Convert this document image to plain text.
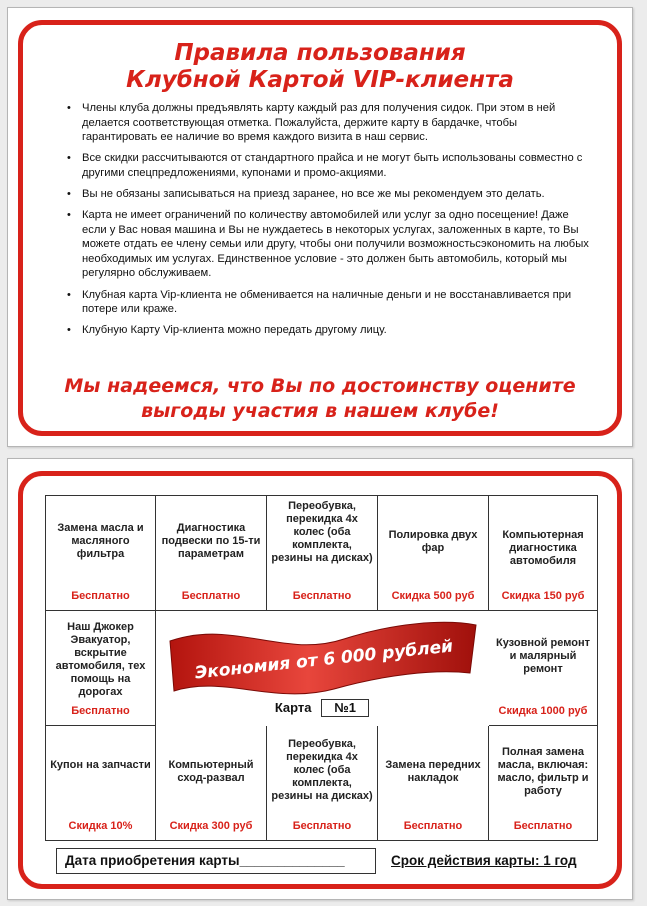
Правила пользования
Клубной Картой VIP-клиента
• Члены клуба должны предъявлять карту каждый раз для получения сидок. При этом в ней делается соответствующая отметка. Пожалуйста, держите карту в бардачке, чтобы гарантировать ее наличие во время каждого визита в наш сервис.
• Все скидки рассчитываются от стандартного прайса и не могут быть использованы совместно с другими спецпредложениями, купонами и промо-акциями.
• Вы не обязаны записываться на приезд заранее, но все же мы рекомендуем это делать.
• Карта не имеет ограничений по количеству автомобилей или услуг за одно посещение! Даже если у Вас новая машина и Вы не нуждаетесь в некоторых услугах, заложенных в карте, то Вы можете отдать ее члену семьи или другу, чтобы они получили возможностьсэкономить на любых необходимых им услугах. Единственное условие - это должен быть автомобиль, который мы регулярно обслуживаем.
• Клубная карта Vip-клиента не обменивается на наличные деньги и не восстанавливается при потере или краже.
• Клубную Карту Vip-клиента можно передать другому лицу.
Мы надеемся, что Вы по достоинству оцените
выгоды участия в нашем клубе!
Замена масла и масляного фильтра
Бесплатно
Диагностика подвески по 15-ти параметрам
Бесплатно
Переобувка, перекидка 4х колес (оба комплекта, резины на дисках)
Бесплатно
Полировка двух фар
Скидка 500 руб
Компьютерная диагностика автомобиля
Скидка 150 руб
Наш Джокер Эвакуатор, вскрытие автомобиля, тех помощь на дорогах
Бесплатно
Экономия от 6 000 рублей
Карта №1
Кузовной ремонт и малярный ремонт
Скидка 1000 руб
Купон на запчасти
Скидка 10%
Компьютерный сход-развал
Скидка 300 руб
Переобувка, перекидка 4х колес (оба комплекта, резины на дисках)
Бесплатно
Замена передних накладок
Бесплатно
Полная замена масла, включая: масло, фильтр и работу
Бесплатно
Дата приобретения карты______________	Срок действия карты: 1 год
